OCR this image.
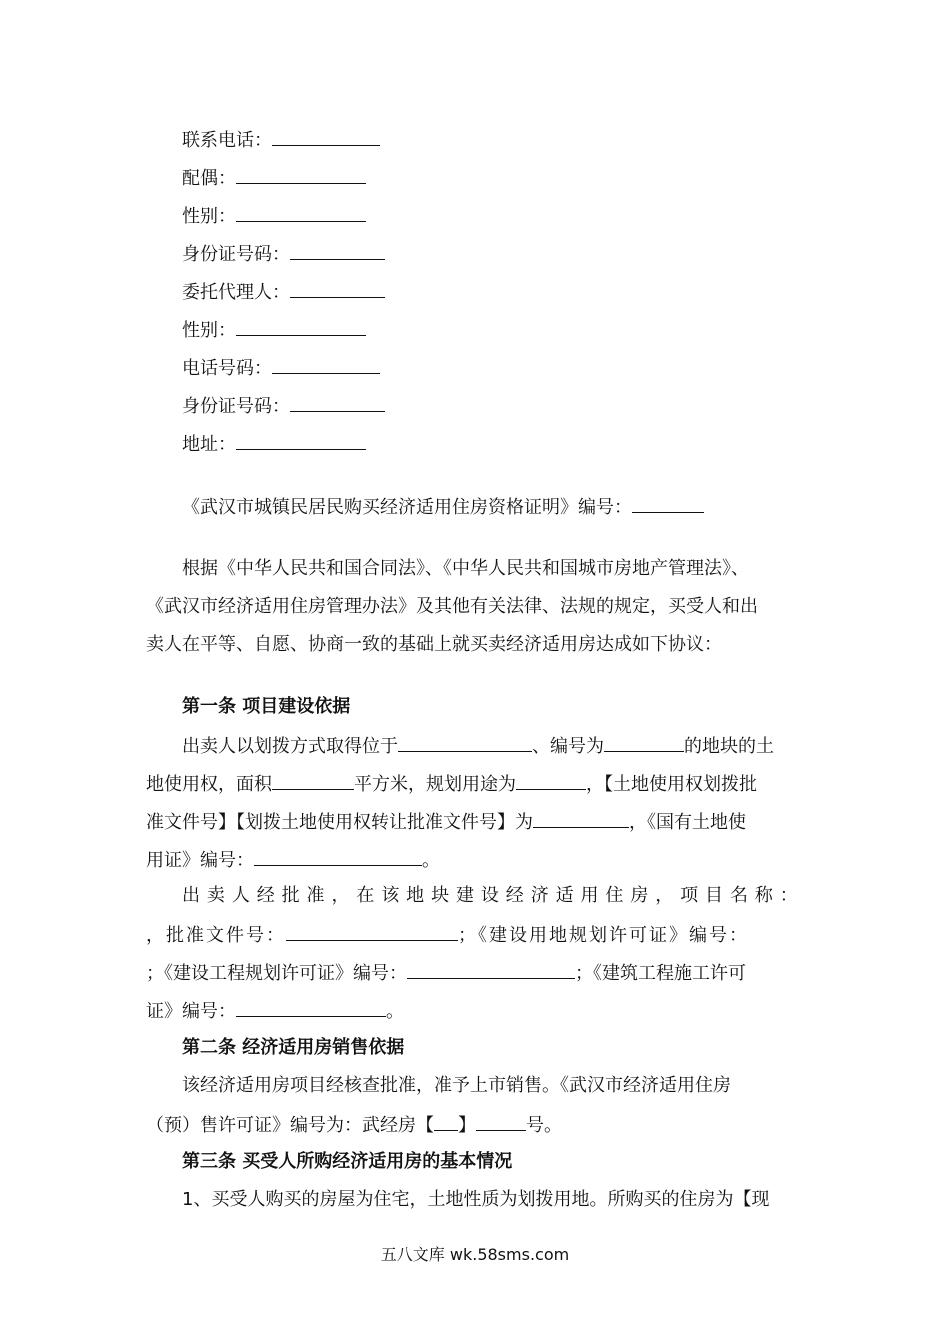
联系电话：
配偶：
性别：
身份证号码：
委托代理人：
性别：
电话号码：
身份证号码：
地址：
《武汉市城镇民居民购买经济适用住房资格证明》编号：
根据《中华人民共和国合同法》、《中华人民共和国城市房地产管理法》、
《武汉市经济适用住房管理办法》及其他有关法律、法规的规定，买受人和出
卖人在平等、自愿、协商一致的基础上就买卖经济适用房达成如下协议：
第一条 项目建设依据
出卖人以划拨方式取得位于	、编号为	的地块的土
地使用权，面积	平方米，规划用途为	，【土地使用权划拨批
准文件号】【划拨土地使用权转让批准文件号】为	，《国有土地使
用证》编号：	。
出 卖 人 经 批 准 ， 在 该 地 块 建 设 经 济 适 用 住 房 ， 项 目 名 称 ：
，批准文件号：	；《建设用地规划许可证》编号：
；《建设工程规划许可证》编号：	；《建筑工程施工许可
证》编号：	。
第二条 经济适用房销售依据
该经济适用房项目经核查批准，准予上市销售。《武汉市经济适用住房
（预）售许可证》编号为：武经房【 】	号。
第三条 买受人所购经济适用房的基本情况
1、买受人购买的房屋为住宅，土地性质为划拨用地。所购买的住房为【现
五八文库 wk.58sms.com
